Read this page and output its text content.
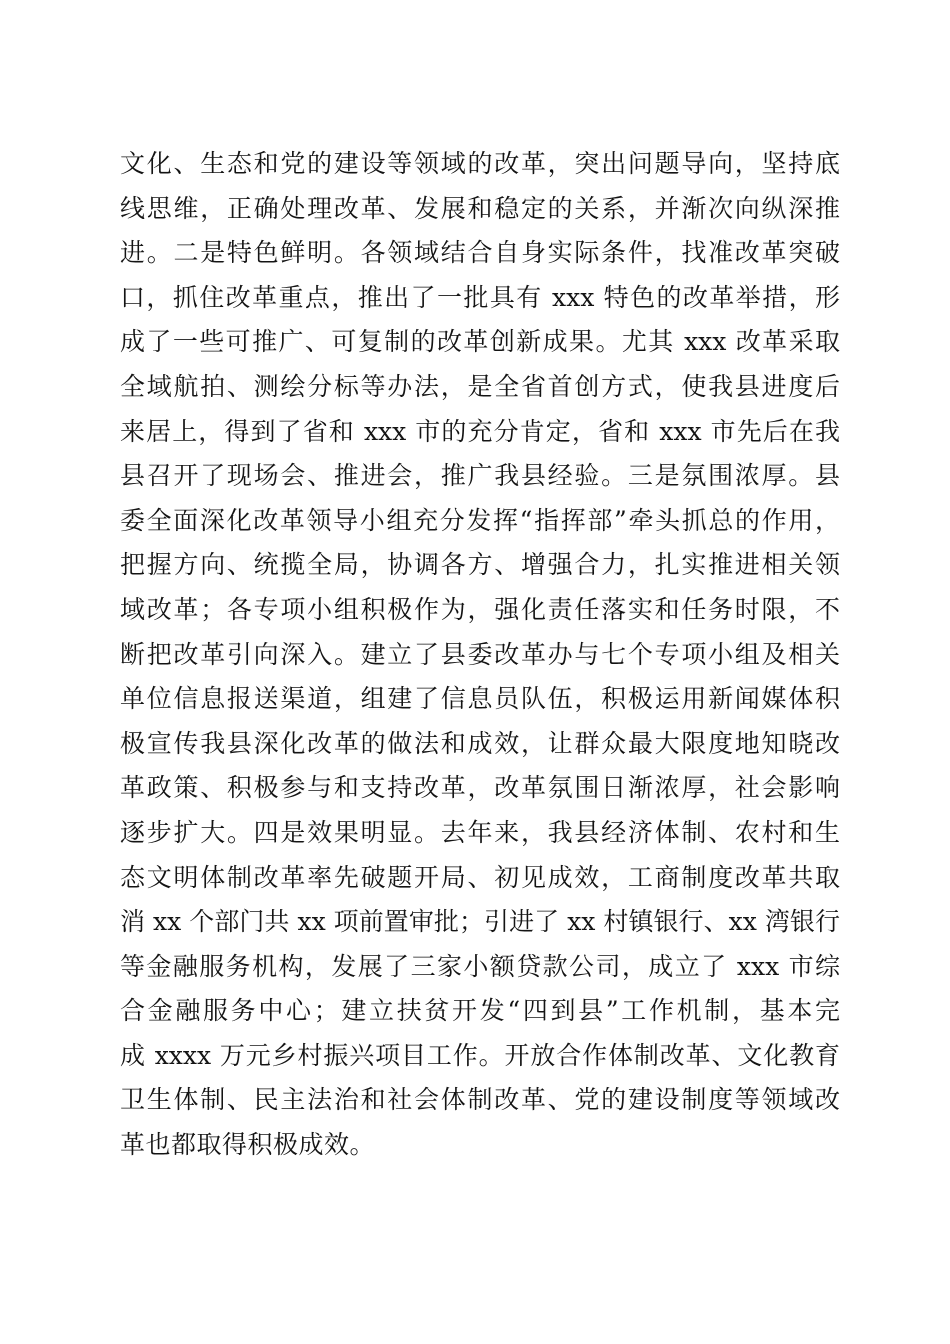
文化、生态和党的建设等领域的改革，突出问题导向，坚持底
线思维，正确处理改革、发展和稳定的关系，并渐次向纵深推
进。二是特色鲜明。各领域结合自身实际条件，找准改革突破
口，抓住改革重点，推出了一批具有 xxx 特色的改革举措，形
成了一些可推广、可复制的改革创新成果。尤其 xxx 改革采取
全域航拍、测绘分标等办法，是全省首创方式，使我县进度后
来居上，得到了省和 xxx 市的充分肯定，省和 xxx 市先后在我
县召开了现场会、推进会，推广我县经验。三是氛围浓厚。县
委全面深化改革领导小组充分发挥“指挥部”牵头抓总的作用，
把握方向、统揽全局，协调各方、增强合力，扎实推进相关领
域改革；各专项小组积极作为，强化责任落实和任务时限，不
断把改革引向深入。建立了县委改革办与七个专项小组及相关
单位信息报送渠道，组建了信息员队伍，积极运用新闻媒体积
极宣传我县深化改革的做法和成效，让群众最大限度地知晓改
革政策、积极参与和支持改革，改革氛围日渐浓厚，社会影响
逐步扩大。四是效果明显。去年来，我县经济体制、农村和生
态文明体制改革率先破题开局、初见成效，工商制度改革共取
消 xx 个部门共 xx 项前置审批；引进了 xx 村镇银行、xx 湾银行
等金融服务机构，发展了三家小额贷款公司，成立了 xxx 市综
合金融服务中心；建立扶贫开发“四到县”工作机制，基本完
成 xxxx 万元乡村振兴项目工作。开放合作体制改革、文化教育
卫生体制、民主法治和社会体制改革、党的建设制度等领域改
革也都取得积极成效。
